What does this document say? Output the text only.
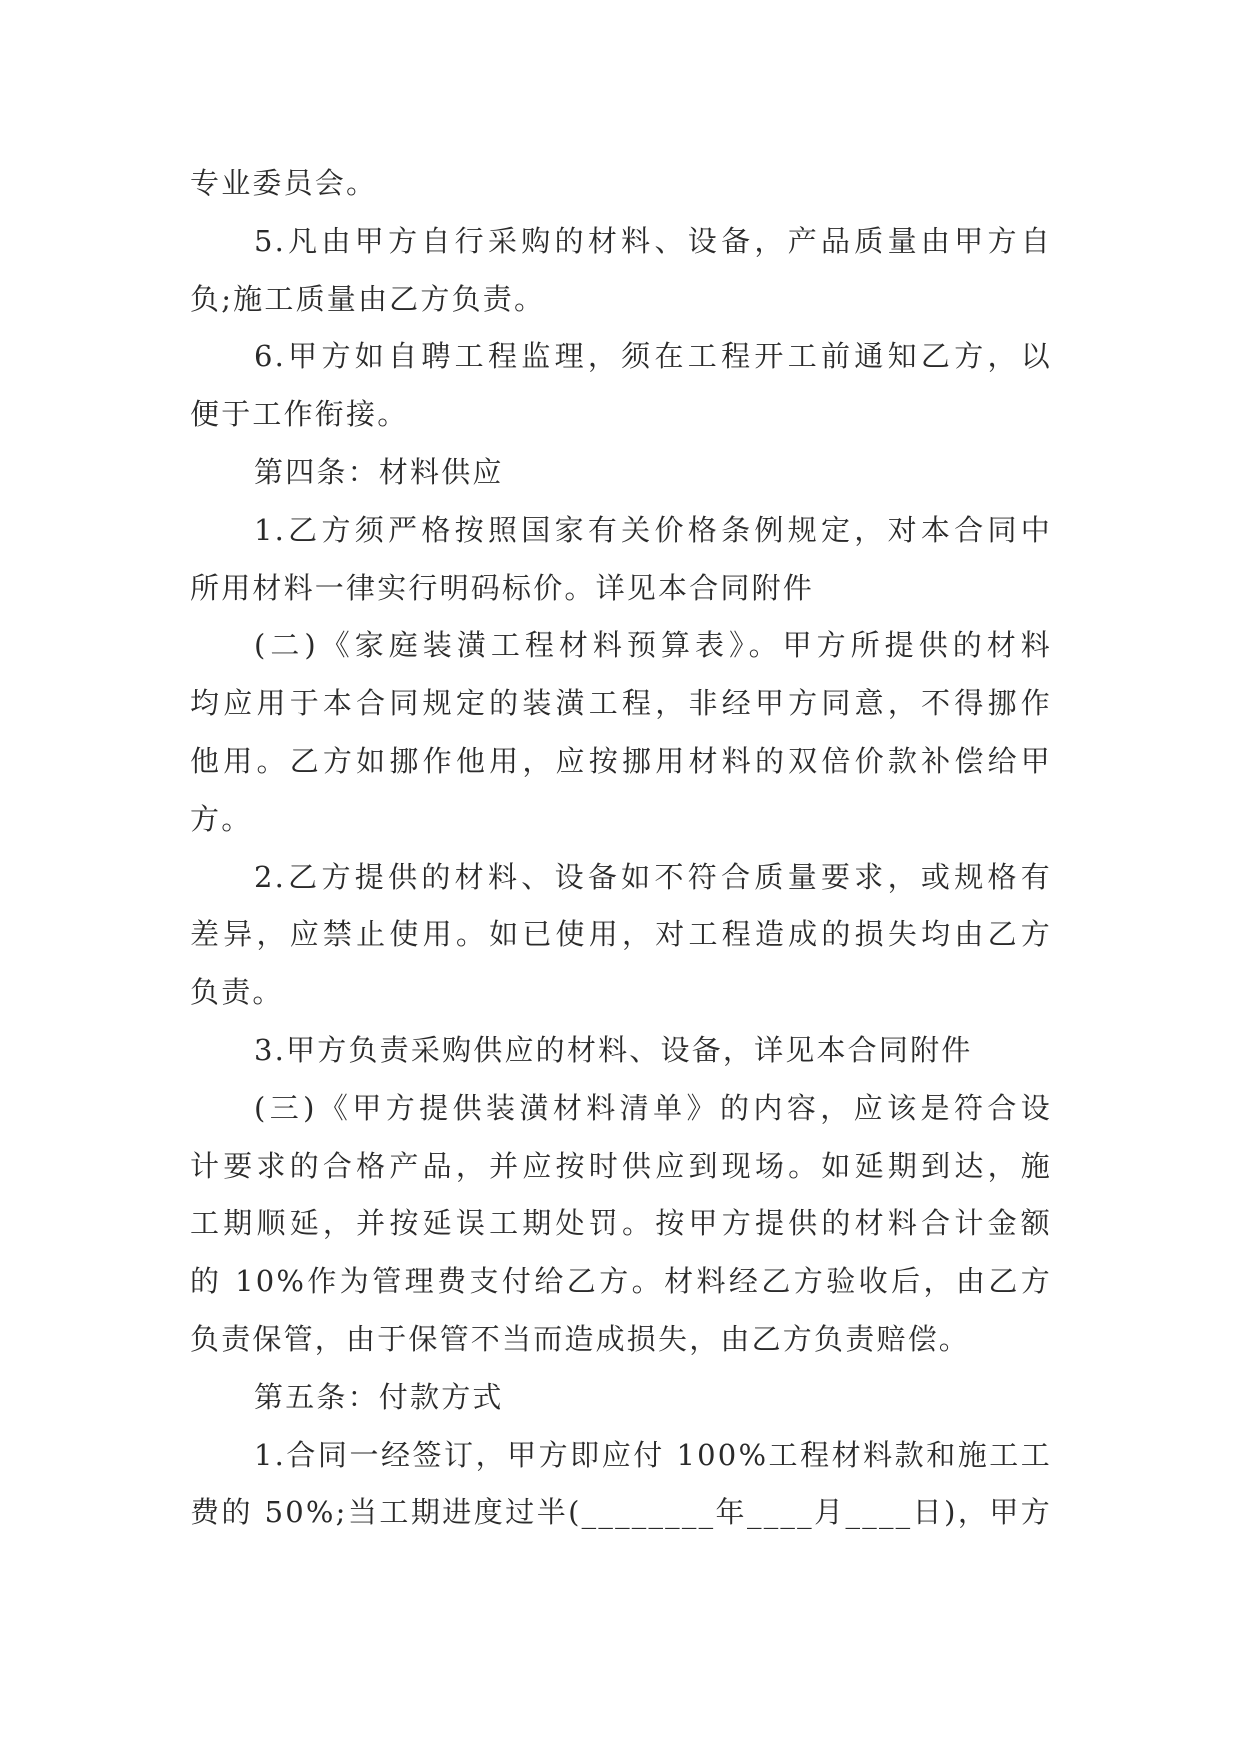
专业委员会。
5.凡由甲方自行采购的材料、设备，产品质量由甲方自
负;施工质量由乙方负责。
6.甲方如自聘工程监理，须在工程开工前通知乙方，以
便于工作衔接。
第四条：材料供应
1.乙方须严格按照国家有关价格条例规定，对本合同中
所用材料一律实行明码标价。详见本合同附件
(二)《家庭装潢工程材料预算表》。甲方所提供的材料
均应用于本合同规定的装潢工程，非经甲方同意，不得挪作
他用。乙方如挪作他用，应按挪用材料的双倍价款补偿给甲
方。
2.乙方提供的材料、设备如不符合质量要求，或规格有
差异，应禁止使用。如已使用，对工程造成的损失均由乙方
负责。
3.甲方负责采购供应的材料、设备，详见本合同附件
(三)《甲方提供装潢材料清单》的内容，应该是符合设
计要求的合格产品，并应按时供应到现场。如延期到达，施
工期顺延，并按延误工期处罚。按甲方提供的材料合计金额
的 10%作为管理费支付给乙方。材料经乙方验收后，由乙方
负责保管，由于保管不当而造成损失，由乙方负责赔偿。
第五条：付款方式
1.合同一经签订，甲方即应付 100%工程材料款和施工工
费的 50%;当工期进度过半(________年____月____日)，甲方
